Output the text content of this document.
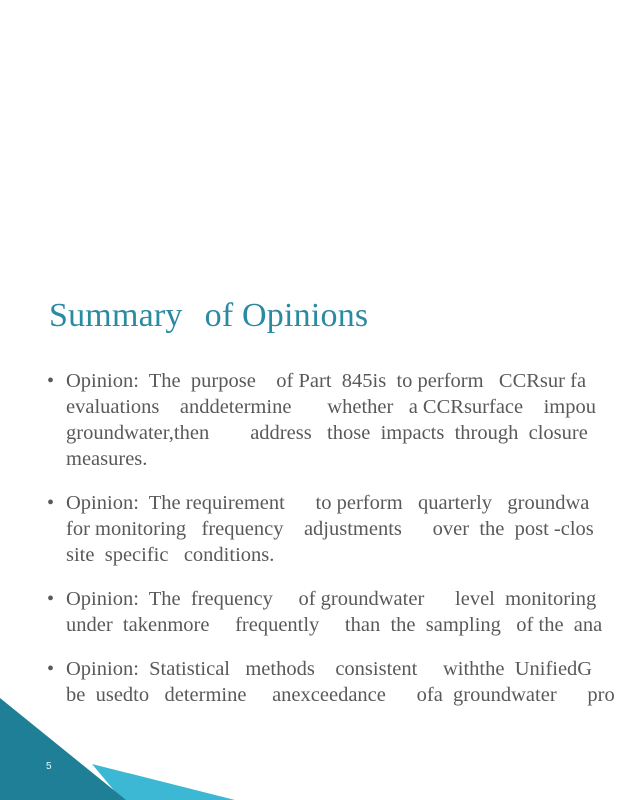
Summary of Opinions
• Opinion:  The  purpose    of Part  845is  to perform   CCRsur fa
evaluations    anddetermine       whether   a CCRsurface    impou
groundwater,then        address   those  impacts  through  closure
measures.
• Opinion:  The requirement      to perform   quarterly   groundwa
for monitoring   frequency    adjustments      over  the  post -clos
site  specific   conditions.
• Opinion:  The  frequency     of groundwater      level  monitoring
under  takenmore     frequently     than  the  sampling   of the  ana
• Opinion:  Statistical   methods    consistent     withthe  UnifiedG
be  usedto   determine     anexceedance      ofa  groundwater      pro
5
